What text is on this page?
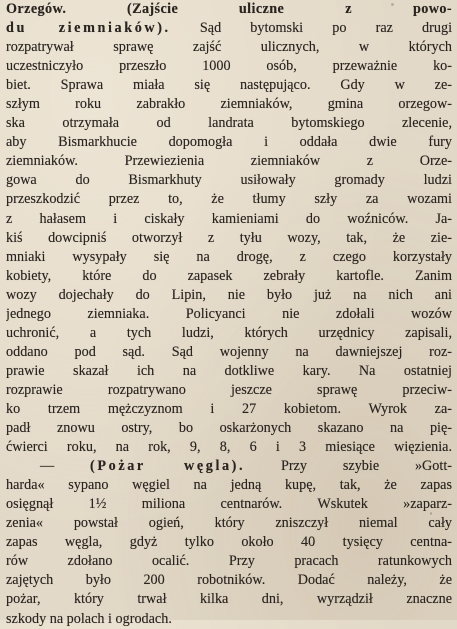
Orzegów.	(Zajście	uliczne z powo-
du ziemniaków). Sąd bytomski po raz drugi
rozpatrywał sprawę zajść ulicznych, w których
uczestniczyło przeszło 1000 osób, przeważnie ko-
biet. Sprawa miała się następująco. Gdy w ze-
szłym roku zabrakło ziemniaków, gmina orzegow-
ska otrzymała od landrata bytomskiego zlecenie,
aby Bismarkhucie dopomogła i oddała dwie fury
ziemniaków. Przewiezienia ziemniaków z Orze-
gowa do Bismarkhuty usiłowały gromady ludzi
przeszkodzić przez to, że tłumy szły za wozami
z hałasem i ciskały kamieniami do woźniców. Ja-
kiś dowcipniś otworzył z tyłu wozy, tak, że zie-
mniaki wysypały się na drogę, z czego korzystały
kobiety, które do zapasek zebrały kartofle. Zanim
wozy dojechały do Lipin, nie było już na nich ani
jednego ziemniaka. Policyanci nie zdołali wozów
uchronić, a tych ludzi, których urzędnicy zapisali,
oddano pod sąd. Sąd wojenny na dawniejszej roz-
prawie skazał ich na dotkliwe kary. Na ostatniej
rozprawie rozpatrywano jeszcze sprawę przeciw-
ko trzem mężczyznom i 27 kobietom. Wyrok za-
padł znowu ostry, bo oskarżonych skazano na pię-
ćwierci roku, na rok, 9, 8, 6 i 3 miesiące więzienia.
—	(Pożar węgla).	Przy szybie »Gott-
harda« sypano węgiel na jedną kupę, tak, że zapas
osięgnął 1½ miliona centnarów. Wskutek »zaparz-
zenia« powstał ogień, który zniszczył niemal cały
zapas węgla, gdyż tylko około 40 tysięcy centna-
rów zdołano ocalić. Przy pracach ratunkowych
zajętych było 200 robotników. Dodać należy, że
pożar, który trwał kilka dni, wyrządził znaczne
szkody na polach i ogrodach.
